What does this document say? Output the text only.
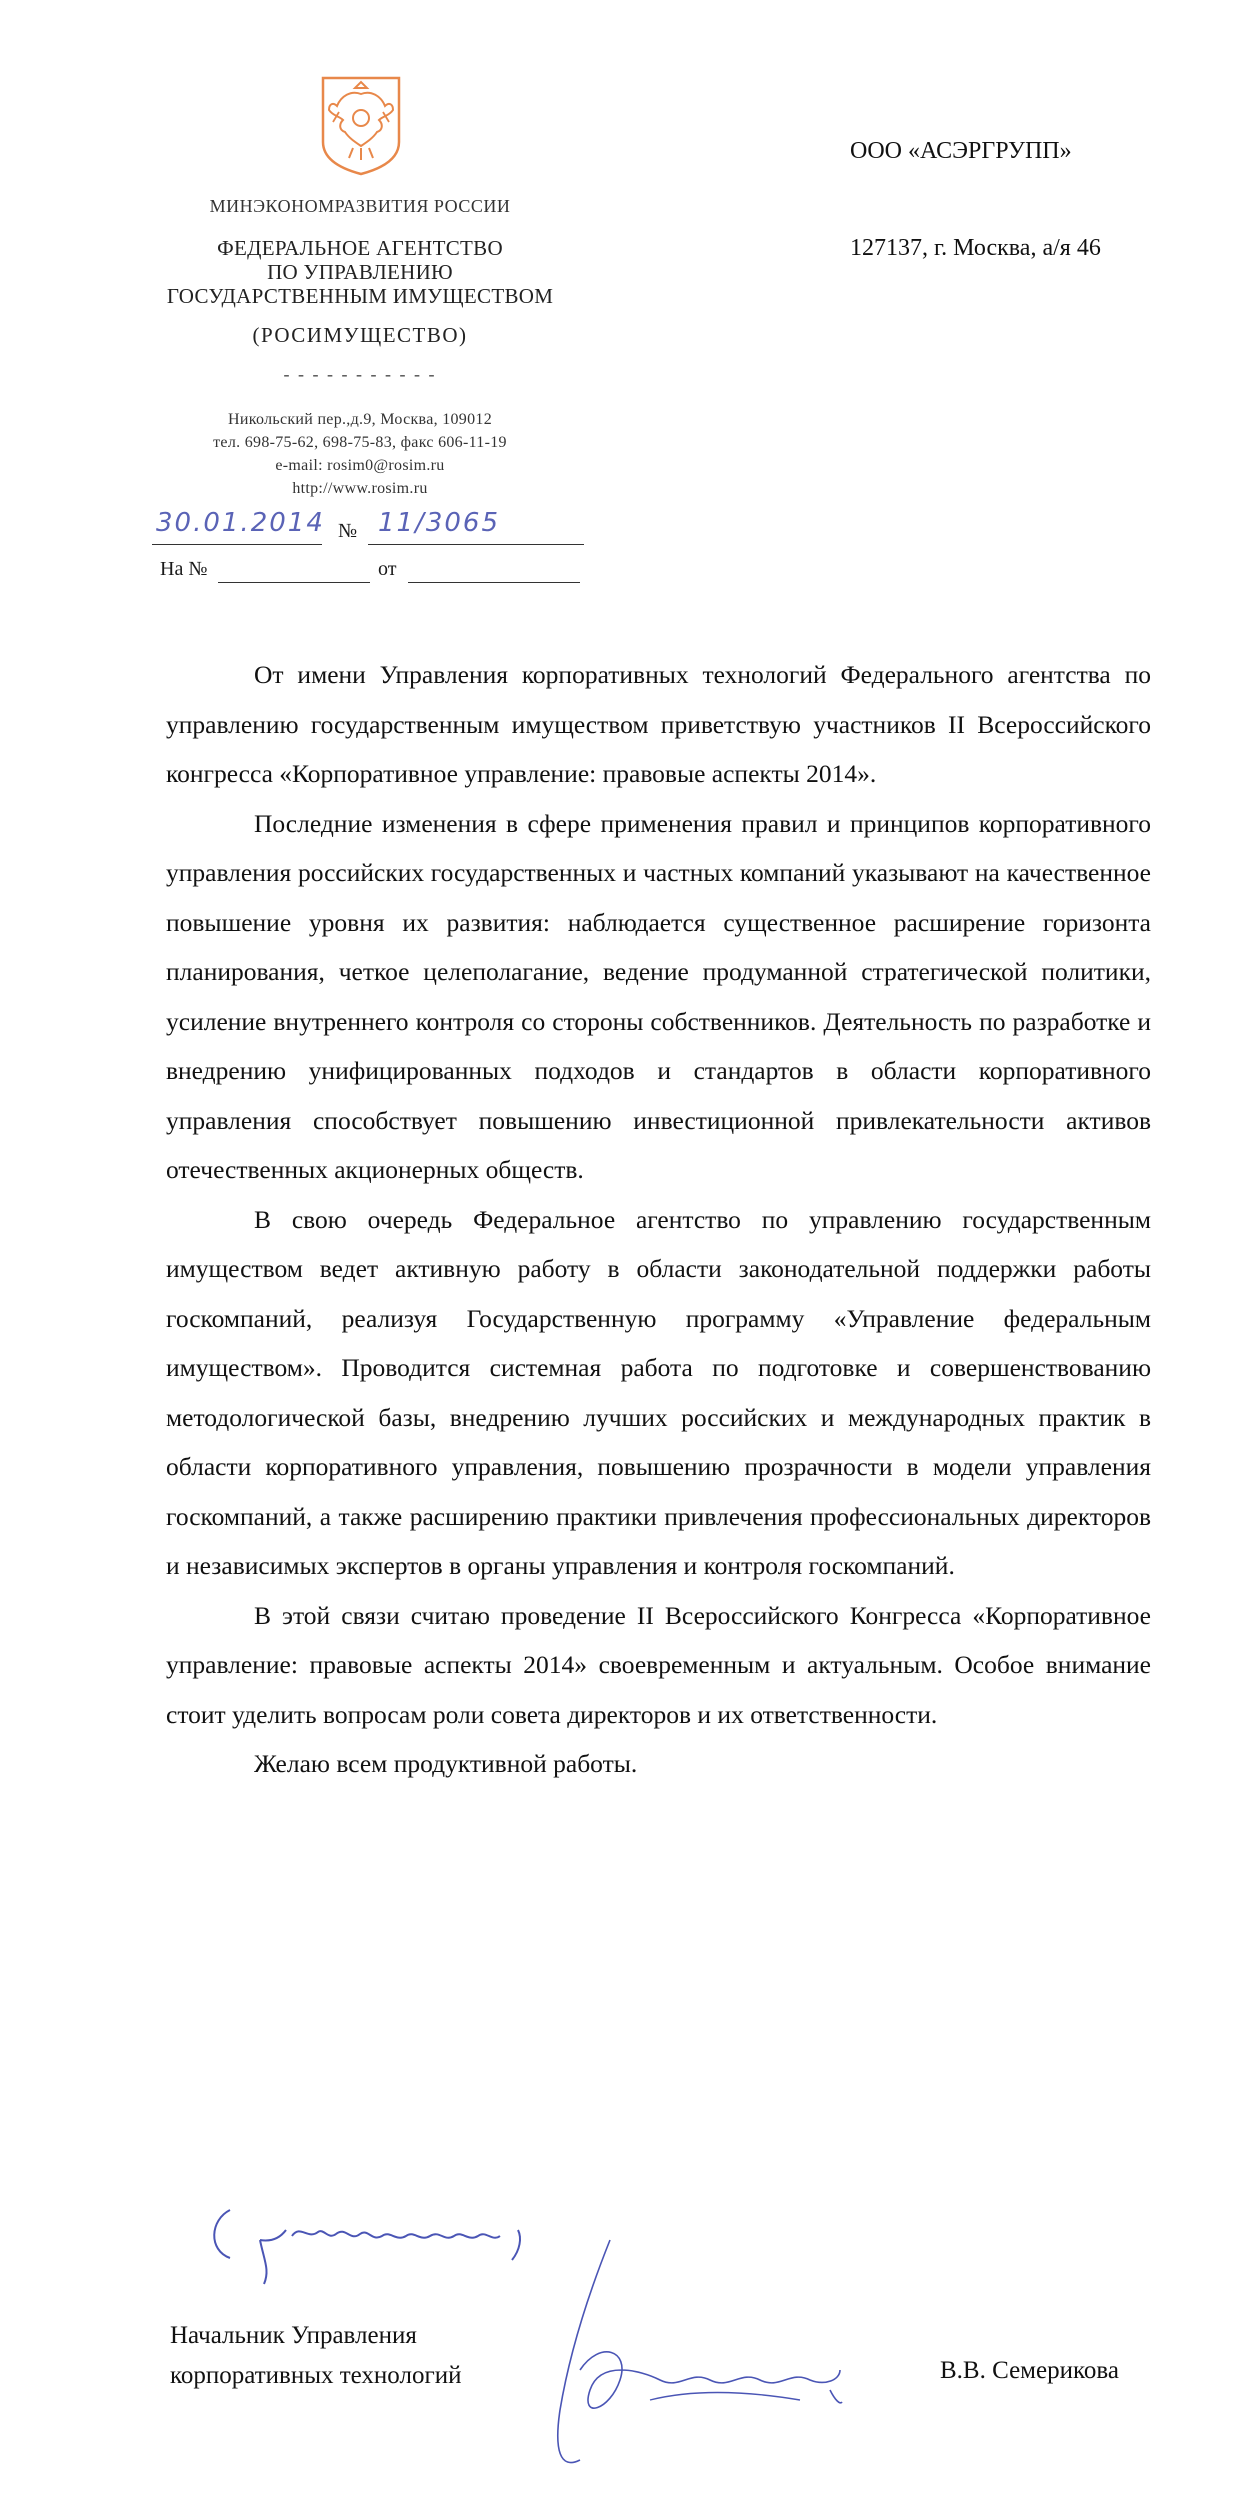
МИНЭКОНОМРАЗВИТИЯ РОССИИ
ФЕДЕРАЛЬНОЕ АГЕНТСТВО
ПО УПРАВЛЕНИЮ
ГОСУДАРСТВЕННЫМ ИМУЩЕСТВОМ
(РОСИМУЩЕСТВО)
- - - - - - - - - - -
Никольский пер.,д.9, Москва, 109012
тел. 698-75-62, 698-75-83, факс 606-11-19
e-mail: rosim0@rosim.ru
http://www.rosim.ru
30.01.2014 № 11/3065
На №	от
ООО «АСЭРГРУПП»
127137, г. Москва, а/я 46

От имени Управления корпоративных технологий Федерального агентства по управлению государственным имуществом приветствую участников II Всероссийского конгресса «Корпоративное управление: правовые аспекты 2014».

Последние изменения в сфере применения правил и принципов корпоративного управления российских государственных и частных компаний указывают на качественное повышение уровня их развития: наблюдается существенное расширение горизонта планирования, четкое целеполагание, ведение продуманной стратегической политики, усиление внутреннего контроля со стороны собственников. Деятельность по разработке и внедрению унифицированных подходов и стандартов в области корпоративного управления способствует повышению инвестиционной привлекательности активов отечественных акционерных обществ.

В свою очередь Федеральное агентство по управлению государственным имуществом ведет активную работу в области законодательной поддержки работы госкомпаний, реализуя Государственную программу «Управление федеральным имуществом». Проводится системная работа по подготовке и совершенствованию методологической базы, внедрению лучших российских и международных практик в области корпоративного управления, повышению прозрачности в модели управления госкомпаний, а также расширению практики привлечения профессиональных директоров и независимых экспертов в органы управления и контроля госкомпаний.

В этой связи считаю проведение II Всероссийского Конгресса «Корпоративное управление: правовые аспекты 2014» своевременным и актуальным. Особое внимание стоит уделить вопросам роли совета директоров и их ответственности.

Желаю всем продуктивной работы.

Начальник Управления
корпоративных технологий	В.В. Семерикова
